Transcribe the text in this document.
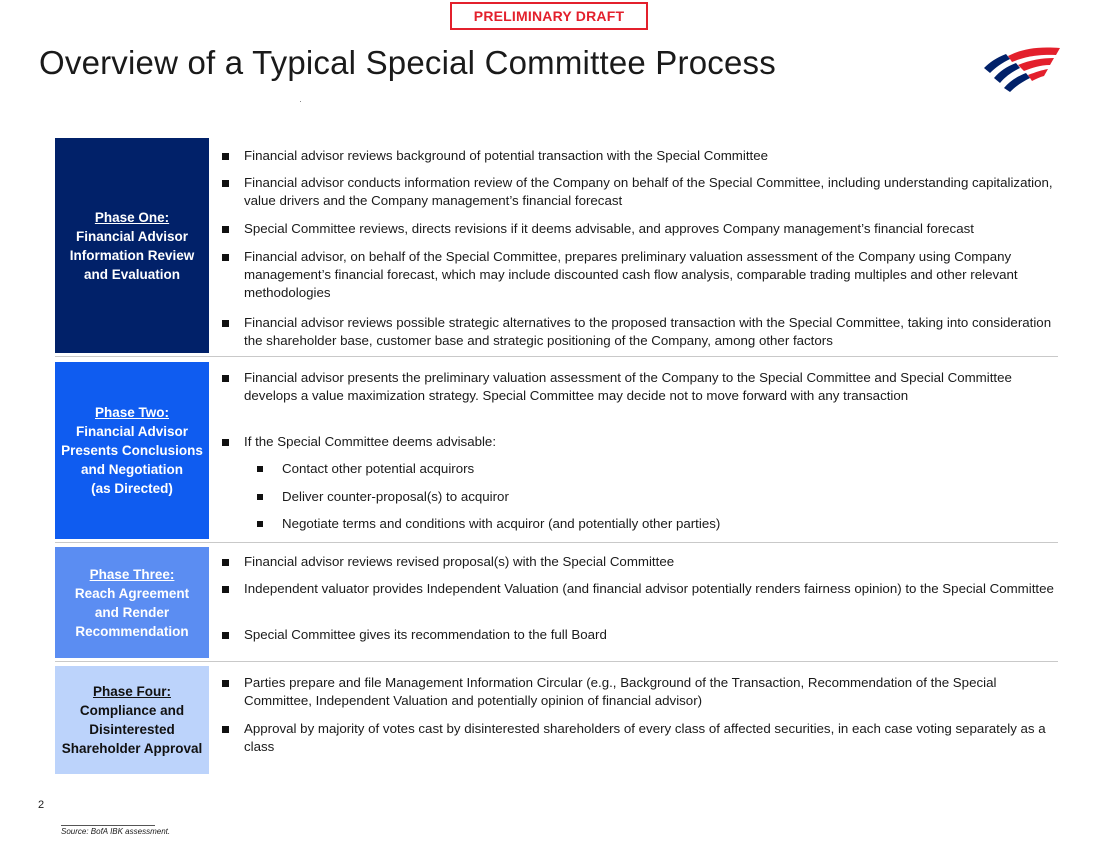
PRELIMINARY DRAFT
Overview of a Typical Special Committee Process
Phase One:
Financial Advisor
Information Review
and Evaluation
Financial advisor reviews background of potential transaction with the Special Committee
Financial advisor conducts information review of the Company on behalf of the Special Committee, including understanding capitalization, value drivers and the Company management’s financial forecast
Special Committee reviews, directs revisions if it deems advisable, and approves Company management’s financial forecast
Financial advisor, on behalf of the Special Committee, prepares preliminary valuation assessment of the Company using Company management’s financial forecast, which may include discounted cash flow analysis, comparable trading multiples and other relevant methodologies
Financial advisor reviews possible strategic alternatives to the proposed transaction with the Special Committee, taking into consideration the shareholder base, customer base and strategic positioning of the Company, among other factors
Phase Two:
Financial Advisor
Presents Conclusions
and Negotiation
(as Directed)
Financial advisor presents the preliminary valuation assessment of the Company to the Special Committee and Special Committee develops a value maximization strategy. Special Committee may decide not to move forward with any transaction
If the Special Committee deems advisable:
Contact other potential acquirors
Deliver counter-proposal(s) to acquiror
Negotiate terms and conditions with acquiror (and potentially other parties)
Phase Three:
Reach Agreement
and Render
Recommendation
Financial advisor reviews revised proposal(s) with the Special Committee
Independent valuator provides Independent Valuation (and financial advisor potentially renders fairness opinion) to the Special Committee
Special Committee gives its recommendation to the full Board
Phase Four:
Compliance and
Disinterested
Shareholder Approval
Parties prepare and file Management Information Circular (e.g., Background of the Transaction, Recommendation of the Special Committee, Independent Valuation and potentially opinion of financial advisor)
Approval by majority of votes cast by disinterested shareholders of every class of affected securities, in each case voting separately as a class
2
Source: BofA IBK assessment.
